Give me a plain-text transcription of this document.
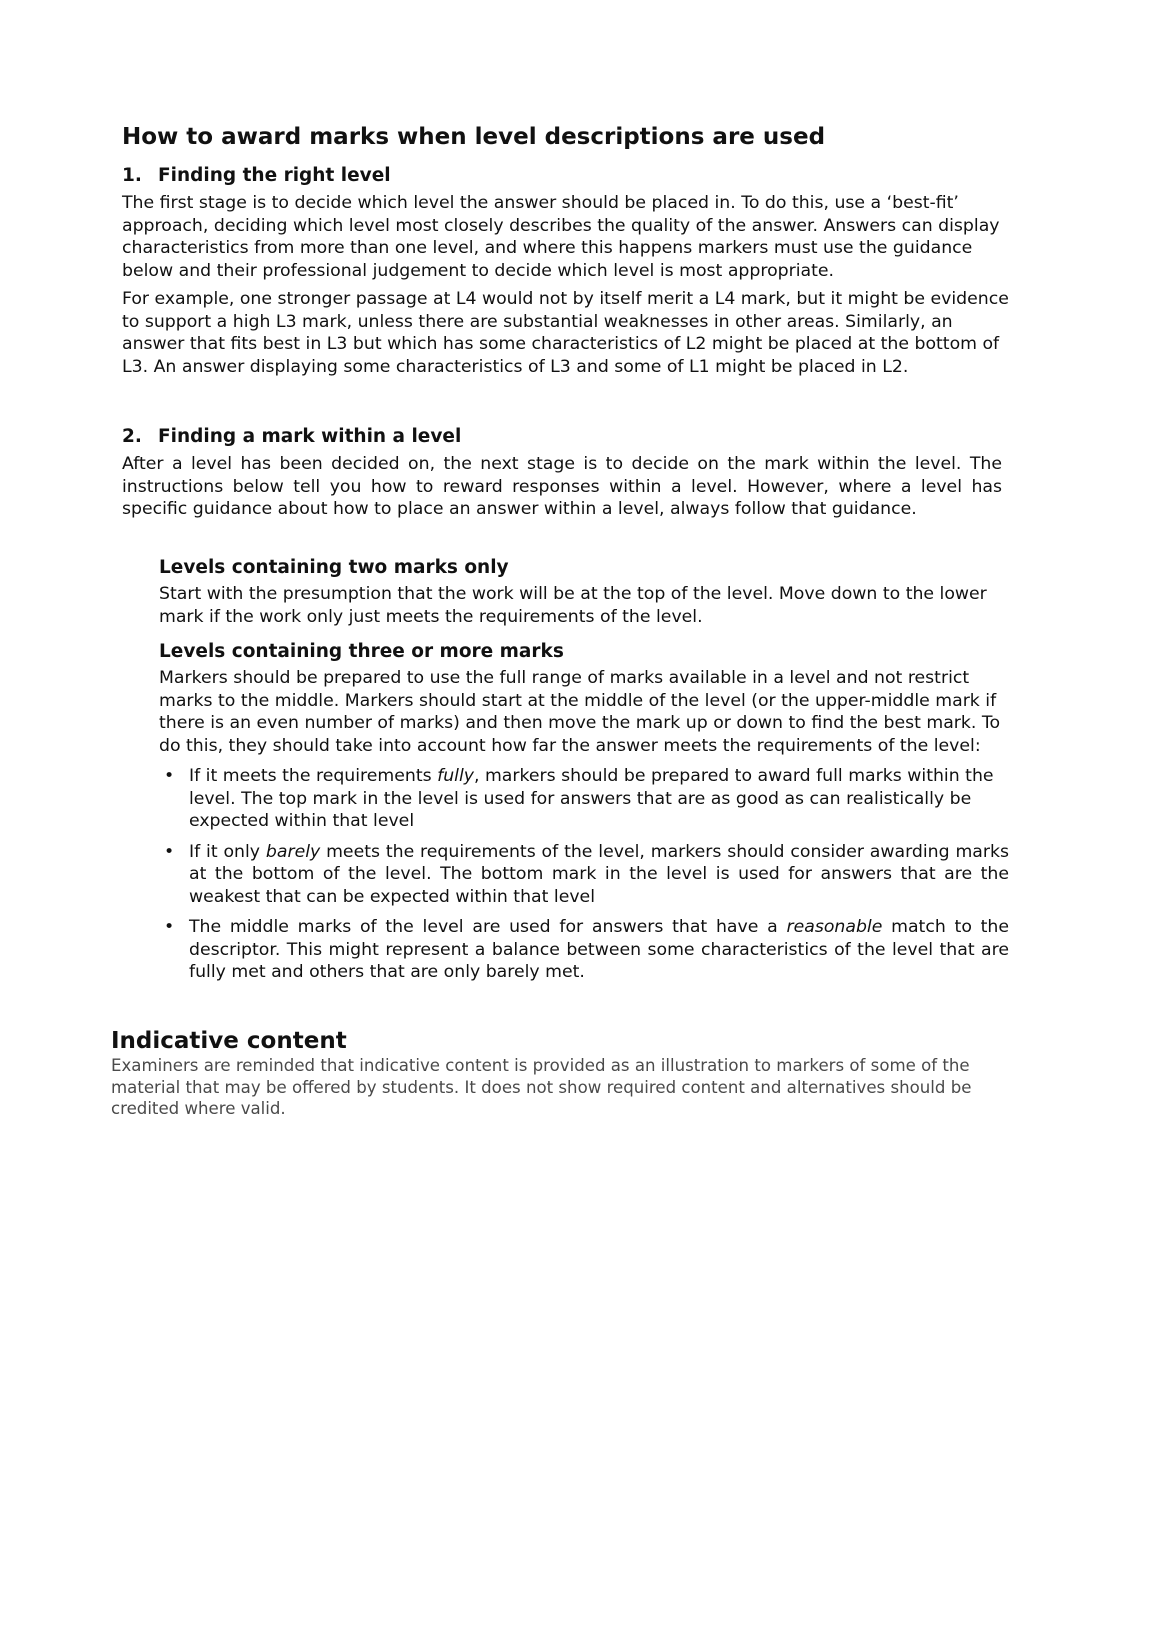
How to award marks when level descriptions are used
1. Finding the right level

The first stage is to decide which level the answer should be placed in. To do this, use a ‘best-fit’ approach, deciding which level most closely describes the quality of the answer. Answers can display characteristics from more than one level, and where this happens markers must use the guidance below and their professional judgement to decide which level is most appropriate.

For example, one stronger passage at L4 would not by itself merit a L4 mark, but it might be evidence to support a high L3 mark, unless there are substantial weaknesses in other areas. Similarly, an answer that fits best in L3 but which has some characteristics of L2 might be placed at the bottom of L3. An answer displaying some characteristics of L3 and some of L1 might be placed in L2.

2. Finding a mark within a level

After a level has been decided on, the next stage is to decide on the mark within the level. The instructions below tell you how to reward responses within a level. However, where a level has specific guidance about how to place an answer within a level, always follow that guidance.

Levels containing two marks only

Start with the presumption that the work will be at the top of the level. Move down to the lower mark if the work only just meets the requirements of the level.

Levels containing three or more marks

Markers should be prepared to use the full range of marks available in a level and not restrict marks to the middle. Markers should start at the middle of the level (or the upper-middle mark if there is an even number of marks) and then move the mark up or down to find the best mark. To do this, they should take into account how far the answer meets the requirements of the level:

• If it meets the requirements fully, markers should be prepared to award full marks within the level. The top mark in the level is used for answers that are as good as can realistically be expected within that level
• If it only barely meets the requirements of the level, markers should consider awarding marks at the bottom of the level. The bottom mark in the level is used for answers that are the weakest that can be expected within that level
• The middle marks of the level are used for answers that have a reasonable match to the descriptor. This might represent a balance between some characteristics of the level that are fully met and others that are only barely met.
Indicative content

Examiners are reminded that indicative content is provided as an illustration to markers of some of the material that may be offered by students. It does not show required content and alternatives should be credited where valid.
